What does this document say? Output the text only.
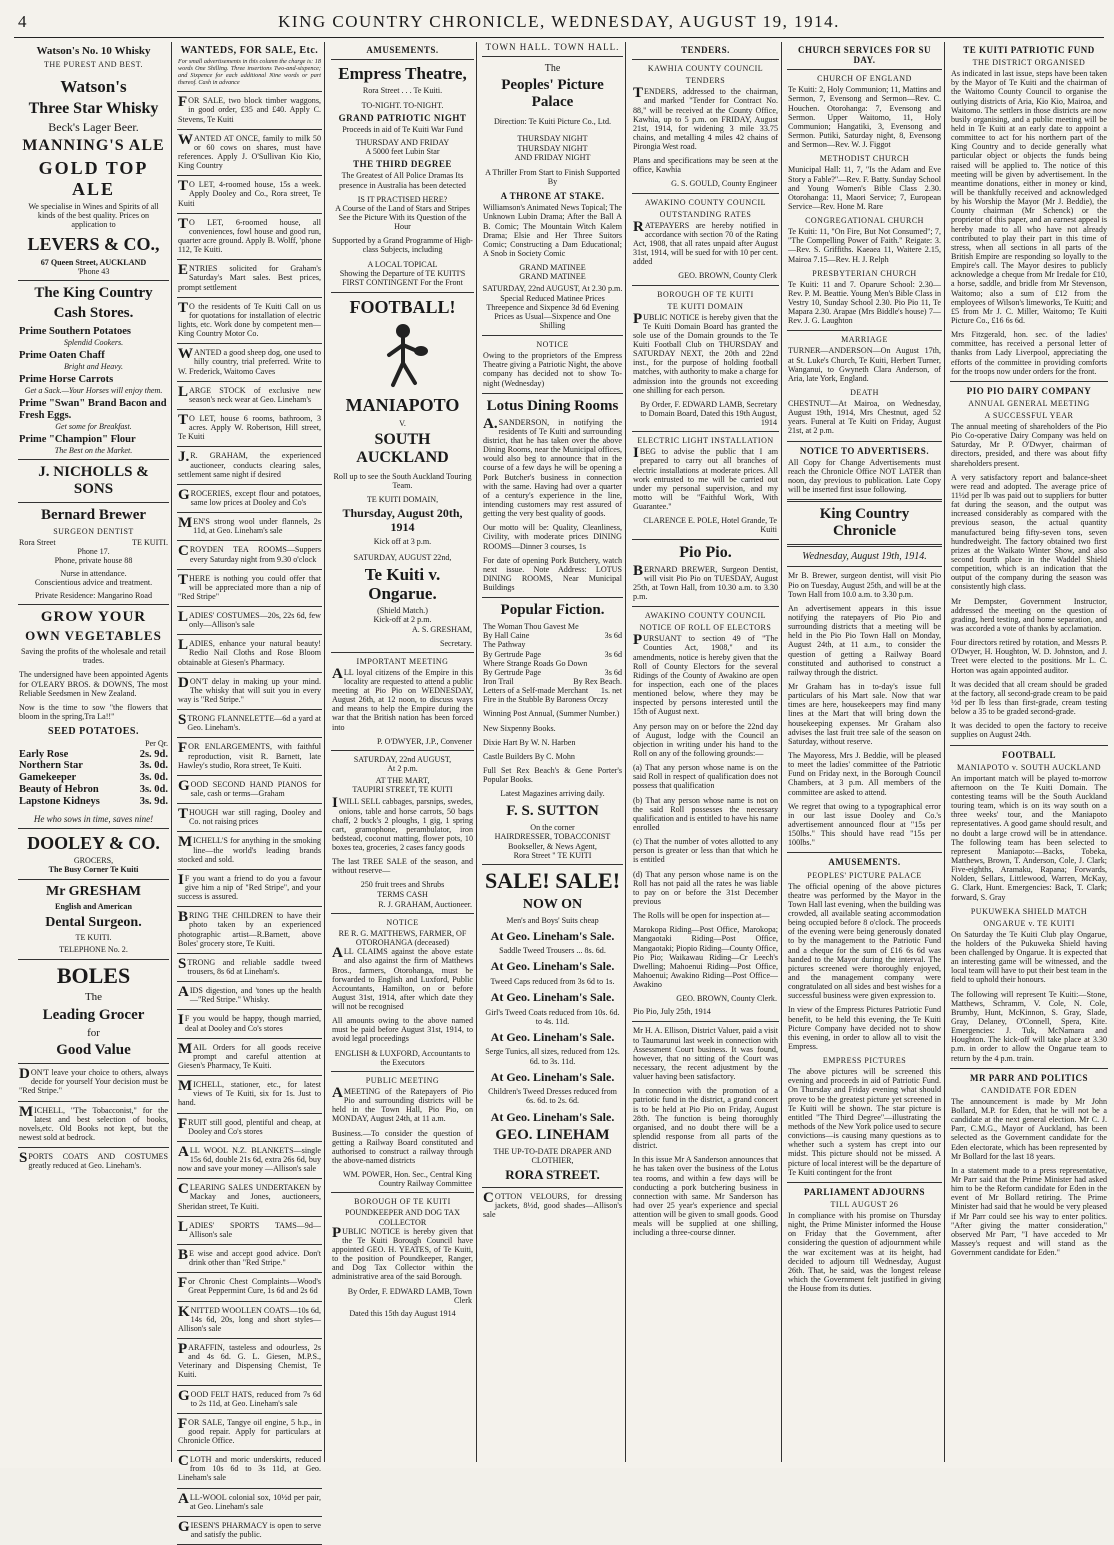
4	KING COUNTRY CHRONICLE, WEDNESDAY, AUGUST 19, 1914.
Watson's No. 10 Whisky
THE PUREST AND BEST.
Watson's
Three Star Whisky
Beck's Lager Beer.
MANNING'S ALE
GOLD TOP ALE
We specialise in Wines and Spirits of all kinds of the best quality. Prices on application to
LEVERS & CO.,
67 Queen Street, AUCKLAND
'Phone 43
The King Country
Cash Stores.
Prime Southern Potatoes
Splendid Cookers.
Prime Oaten Chaff
Bright and Heavy.
Prime Horse Carrots
Get a Sack.—Your Horses will enjoy them.
Prime "Swan" Brand Bacon and Fresh Eggs.
Get some for Breakfast.
Prime "Champion" Flour
The Best on the Market.
J. NICHOLLS & SONS
Bernard Brewer
SURGEON DENTIST
Rora Street	TE KUITI.
Phone 17.
Phone, private house 88
Nurse in attendance.
Conscientious advice and treatment.
Private Residence: Mangarino Road
GROW YOUR
OWN VEGETABLES
Saving the profits of the wholesale and retail trades.
The undersigned have been appointed Agents for O'LEARY BROS. & DOWNS, The most Reliable Seedsmen in New Zealand.
Now is the time to sow "the flowers that bloom in the spring,Tra La!!"
SEED POTATOES.
Per Qr.
Early Rose	2s. 9d.
Northern Star	3s. 0d.
Gamekeeper	3s. 0d.
Beauty of Hebron	3s. 0d.
Lapstone Kidneys	3s. 9d.
He who sows in time, saves nine!
DOOLEY & CO.
GROCERS,
The Busy Corner Te Kuiti
Mr GRESHAM
English and American
Dental Surgeon.
TE KUITI.
TELEPHONE No. 2.
BOLES
The
Leading Grocer
for
Good Value
DON'T leave your choice to others, always decide for yourself Your decision must be "Red Stripe."
MICHELL, "The Tobacconist," for the latest and best selection of books, novels,etc. Old Books not kept, but the newest sold at bedrock.
SPORTS COATS AND COSTUMES greatly reduced at Geo. Lineham's.
WANTEDS, FOR SALE, Etc.
For small advertisements in this column the charge is: 18 words One Shilling. Three insertions Two-and-sixpence; and Sixpence for each additional Nine words or part thereof. Cash in advance
FOR SALE, two block timber waggons, in good order, £35 and £40. Apply C. Stevens, Te Kuiti
WANTED AT ONCE, family to milk 50 or 60 cows on shares, must have references. Apply J. O'Sullivan Kio Kio, King Country
TO LET, 4-roomed house, 15s a week. Apply Dooley and Co., Rora street, Te Kuiti
TO LET, 6-roomed house, all conveniences, fowl house and good run, quarter acre ground. Apply B. Wolff, 'phone 112, Te Kuiti.
ENTRIES solicited for Graham's Saturday's Mart sales. Best prices, prompt settlement
TO the residents of Te Kuiti Call on us for quotations for installation of electric lights, etc. Work done by competent men—King Country Motor Co.
WANTED a good sheep dog, one used to hilly country, trial preferred. Write to W. Frederick, Waitomo Caves
LARGE STOCK of exclusive new season's neck wear at Geo. Lineham's
TO LET, house 6 rooms, bathroom, 3 acres. Apply W. Robertson, Hill street, Te Kuiti
J.R. GRAHAM, the experienced auctioneer, conducts clearing sales, settlement same night if desired
GROCERIES, except flour and potatoes, same low prices at Dooley and Co's
MEN'S strong wool under flannels, 2s 11d, at Geo. Lineham's sale
CROYDEN TEA ROOMS—Suppers every Saturday night from 9.30 o'clock
THERE is nothing you could offer that will be appreciated more than a nip of "Red Stripe"
LADIES' COSTUMES—20s, 22s 6d, few only—Allison's sale
LADIES, enhance your natural beauty! Redio Nail Cloths and Rose Bloom obtainable at Giesen's Pharmacy.
DON'T delay in making up your mind. The whisky that will suit you in every way is "Red Stripe."
STRONG FLANNELETTE—6d a yard at Geo. Lineham's.
FOR ENLARGEMENTS, with faithful reproduction, visit R. Barnett, late Hawley's studio, Rora street, Te Kuiti.
GOOD SECOND HAND PIANOS for sale, cash or terms—Graham
THOUGH war still raging, Dooley and Co. not raising prices
MICHELL'S for anything in the smoking line—the world's leading brands stocked and sold.
IF you want a friend to do you a favour give him a nip of "Red Stripe", and your success is assured.
BRING THE CHILDREN to have their photo taken by an experienced photographic artist—R.Barnett, above Boles' grocery store, Te Kuiti.
STRONG and reliable saddle tweed trousers, 8s 6d at Lineham's.
AIDS digestion, and 'tones up the health—"Red Stripe." Whisky.
IF you would be happy, though married, deal at Dooley and Co's stores
MAIL Orders for all goods receive prompt and careful attention at Giesen's Pharmacy, Te Kuiti.
MICHELL, stationer, etc., for latest views of Te Kuiti, six for 1s. Just to hand.
FRUIT still good, plentiful and cheap, at Dooley and Co's stores
ALL WOOL N.Z. BLANKETS—single 15s 6d, double 21s 6d, extra 26s 6d, buy now and save your money —Allison's sale
CLEARING SALES UNDERTAKEN by Mackay and Jones, auctioneers, Sheridan street, Te Kuiti.
LADIES' SPORTS TAMS—9d—Allison's sale
BE wise and accept good advice. Don't drink other than "Red Stripe."
For Chronic Chest Complaints—Wood's Great Peppermint Cure, 1s 6d and 2s 6d
KNITTED WOOLLEN COATS—10s 6d, 14s 6d, 20s, long and short styles—Allison's sale
PARAFFIN, tasteless and odourless, 2s and 4s 6d. G. L. Giesen, M.P.S., Veterinary and Dispensing Chemist, Te Kuiti.
GOOD FELT HATS, reduced from 7s 6d to 2s 11d, at Geo. Lineham's sale
FOR SALE, Tangye oil engine, 5 h.p., in good repair. Apply for particulars at Chronicle Office.
CLOTH and moric underskirts, reduced from 10s 6d to 3s 11d, at Geo. Lineham's sale
ALL-WOOL colonial sox, 10½d per pair, at Geo. Lineham's sale
GIESEN'S PHARMACY is open to serve and satisfy the public.
AMUSEMENTS.
Empress Theatre,
Rora Street . . . Te Kuiti.
TO-NIGHT. TO-NIGHT.
GRAND PATRIOTIC NIGHT
Proceeds in aid of Te Kuiti War Fund
THURSDAY AND FRIDAY
A 5000 feet Lubin Star
THE THIRD DEGREE
The Greatest of All Police Dramas Its presence in Australia has been detected
IS IT PRACTISED HERE?
A Course of the Land of Stars and Stripes See the Picture With its Question of the Hour
Supported by a Grand Programme of High-class Subjects, including
A LOCAL TOPICAL
Showing the Departure of TE KUITI'S FIRST CONTINGENT For the Front
FOOTBALL!
MANIAPOTO
V.
SOUTH AUCKLAND
Roll up to see the South Auckland Touring Team.
TE KUITI DOMAIN,
Thursday, August 20th, 1914
Kick off at 3 p.m.
SATURDAY, AUGUST 22nd,
Te Kuiti v. Ongarue.
(Shield Match.)
Kick-off at 2 p.m.
A. S. GRESHAM,
Secretary.
IMPORTANT MEETING
ALL loyal citizens of the Empire in this locality are requested to attend a public meeting at Pio Pio on WEDNESDAY, August 26th, at 12 noon, to discuss ways and means to help the Empire during the war that the British nation has been forced into
P. O'DWYER, J.P., Convener
SATURDAY, 22nd AUGUST,
At 2 p.m.
AT THE MART,
TAUPIRI STREET, TE KUITI
IWILL SELL cabbages, parsnips, swedes, onions, table and horse carrots, 50 bags chaff, 2 buck's 2 ploughs, 1 gig, 1 spring cart, gramophone, perambulator, iron bedstead, coconut matting, flower pots, 10 boxes tea, groceries, 2 cases fancy goods
The last TREE SALE of the season, and without reserve—
250 fruit trees and Shrubs
TERMS CASH
R. J. GRAHAM, Auctioneer.
NOTICE
RE R. G. MATTHEWS, FARMER, OF OTOROHANGA (deceased)
ALL CLAIMS against the above estate and also against the firm of Matthews Bros., farmers, Otorohanga, must be forwarded to English and Luxford, Public Accountants, Hamilton, on or before August 31st, 1914, after which date they will not be recognised
All amounts owing to the above named must be paid before August 31st, 1914, to avoid legal proceedings
ENGLISH & LUXFORD, Accountants to the Executors
PUBLIC MEETING
AMEETING of the Ratepayers of Pio Pio and surrounding districts will be held in the Town Hall, Pio Pio, on MONDAY, August 24th, at 11 a.m.
Business.—To consider the question of getting a Railway Board constituted and authorised to construct a railway through the above-named districts
WM. POWER, Hon. Sec., Central King Country Railway Committee
BOROUGH OF TE KUITI
POUNDKEEPER AND DOG TAX COLLECTOR
PUBLIC NOTICE is hereby given that the Te Kuiti Borough Council have appointed GEO. H. YEATES, of Te Kuiti, to the position of Poundkeeper, Ranger, and Dog Tax Collector within the administrative area of the said Borough.
By Order, F. EDWARD LAMB, Town Clerk
Dated this 15th day August 1914
TOWN HALL. TOWN HALL.
The
Peoples' Picture Palace
Direction: Te Kuiti Picture Co., Ltd.
THURSDAY NIGHT
THURSDAY NIGHT
AND FRIDAY NIGHT
A Thriller From Start to Finish Supported By
A THRONE AT STAKE.
Williamson's Animated News Topical; The Unknown Lubin Drama; After the Ball A B. Comic; The Mountain Witch Kalem Drama; Elsie and Her Three Suitors Comic; Constructing a Dam Educational; A Snob in Society Comic
GRAND MATINEE
GRAND MATINEE
SATURDAY, 22nd AUGUST, At 2.30 p.m.
Special Reduced Matinee Prices Threepence and Sixpence 3d 6d Evening Prices as Usual—Sixpence and One Shilling
NOTICE
Owing to the proprietors of the Empress Theatre giving a Patriotic Night, the above company has decided not to show To-night (Wednesday)
Lotus Dining Rooms
A.SANDERSON, in notifying the residents of Te Kuiti and surrounding district, that he has taken over the above Dining Rooms, near the Municipal offices, would also beg to announce that in the course of a few days he will be opening a Pork Butcher's business in connection with the same. Having had over a quarter of a century's experience in the line, intending customers may rest assured of getting the very best quality of goods.
Our motto will be: Quality, Cleanliness, Civility, with moderate prices DINING ROOMS—Dinner 3 courses, 1s
For date of opening Pork Butchery, watch next issue. Note Address: LOTUS DINING ROOMS, Near Municipal Buildings
Popular Fiction.
The Woman Thou Gavest Me
By Hall Caine	3s 6d
The Pathway
By Gertrude Page	3s 6d
Where Strange Roads Go Down
By Gertrude Page	3s 6d
Iron Trail	By Rex Beach.
Letters of a Self-made Merchant 1s. net
Fire in the Stubble By Baroness Orczy
Winning Post Annual, (Summer Number.)
New Sixpenny Books.
Dixie Hart By W. N. Harben
Castle Builders By C. Mohn
Full Set Rex Beach's & Gene Porter's Popular Books.
Latest Magazines arriving daily.
F. S. SUTTON
On the corner
HAIRDRESSER, TOBACCONIST
Bookseller, & News Agent,
Rora Street " TE KUITI
SALE! SALE!
NOW ON
Men's and Boys' Suits cheap
At Geo. Lineham's Sale.
Saddle Tweed Trousers ... 8s. 6d.
At Geo. Lineham's Sale.
Tweed Caps reduced from 3s 6d to 1s.
At Geo. Lineham's Sale.
Girl's Tweed Coats reduced from 10s. 6d. to 4s. 11d.
At Geo. Lineham's Sale.
Serge Tunics, all sizes, reduced from 12s. 6d. to 3s. 11d.
At Geo. Lineham's Sale.
Children's Tweed Dresses reduced from 6s. 6d. to 2s. 6d.
At Geo. Lineham's Sale.
GEO. LINEHAM
THE UP-TO-DATE DRAPER AND CLOTHIER,
RORA STREET.
COTTON VELOURS, for dressing jackets, 8½d, good shades—Allison's sale
TENDERS.
KAWHIA COUNTY COUNCIL
TENDERS
TENDERS, addressed to the chairman, and marked "Tender for Contract No. 88," will be received at the County Office, Kawhia, up to 5 p.m. on FRIDAY, August 21st, 1914, for widening 3 mile 33.75 chains, and metalling 4 miles 42 chains of Pirongia West road.
Plans and specifications may be seen at the office, Kawhia
G. S. GOULD, County Engineer
AWAKINO COUNTY COUNCIL
OUTSTANDING RATES
RATEPAYERS are hereby notified in accordance with section 70 of the Rating Act, 1908, that all rates unpaid after August 31st, 1914, will be sued for with 10 per cent. added
GEO. BROWN, County Clerk
BOROUGH OF TE KUITI
TE KUITI DOMAIN
PUBLIC NOTICE is hereby given that the Te Kuiti Domain Board has granted the sole use of the Domain grounds to the Te Kuiti Football Club on THURSDAY and SATURDAY NEXT, the 20th and 22nd inst., for the purpose of holding football matches, with authority to make a charge for admission into the grounds not exceeding one shilling for each person.
By Order, F. EDWARD LAMB, Secretary to Domain Board, Dated this 19th August, 1914
ELECTRIC LIGHT INSTALLATION
IBEG to advise the public that I am prepared to carry out all branches of electric installations at moderate prices. All work entrusted to me will be carried out under my personal supervision, and my motto will be "Faithful Work, With Guarantee."
CLARENCE E. POLE, Hotel Grande, Te Kuiti
Pio Pio.
BERNARD BREWER, Surgeon Dentist, will visit Pio Pio on TUESDAY, August 25th, at Town Hall, from 10.30 a.m. to 3.30 p.m.
AWAKINO COUNTY COUNCIL
NOTICE OF ROLL OF ELECTORS
PURSUANT to section 49 of "The Counties Act, 1908," and its amendments, notice is hereby given that the Roll of County Electors for the several Ridings of the County of Awakino are open for inspection, each one of the places mentioned below, where they may be inspected by persons interested until the 15th of August next.
Any person may on or before the 22nd day of August, lodge with the Council an objection in writing under his hand to the Roll on any of the following grounds:—
(a) That any person whose name is on the said Roll in respect of qualification does not possess that qualification
(b) That any person whose name is not on the said Roll possesses the necessary qualification and is entitled to have his name enrolled
(c) That the number of votes allotted to any person is greater or less than that which he is entitled
(d) That any person whose name is on the Roll has not paid all the rates he was liable to pay on or before the 31st December previous
The Rolls will be open for inspection at—
Marokopa Riding—Post Office, Marokopa; Mangaotaki Riding—Post Office, Mangaotaki; Piopio Riding—County Office, Pio Pio; Waikawau Riding—Cr Leech's Dwelling; Mahoenui Riding—Post Office, Mahoenui; Awakino Riding—Post Office—Awakino
GEO. BROWN, County Clerk.
Pio Pio, July 25th, 1914
Mr H. A. Ellison, District Valuer, paid a visit to Taumarunui last week in connection with Assessment Court business. It was found, however, that no sitting of the Court was necessary, the recent adjustment by the valuer having been satisfactory.
In connection with the promotion of a patriotic fund in the district, a grand concert is to be held at Pio Pio on Friday, August 28th. The function is being thoroughly organised, and no doubt there will be a splendid response from all parts of the district.
In this issue Mr A Sanderson announces that he has taken over the business of the Lotus tea rooms, and within a few days will be conducting a pork butchering business in connection with same. Mr Sanderson has had over 25 year's experience and special attention will be given to small goods. Good meals will be supplied at one shilling, including a three-course dinner.
CHURCH SERVICES FOR SU DAY.
CHURCH OF ENGLAND
Te Kuiti: 2, Holy Communion; 11, Mattins and Sermon, 7, Evensong and Sermon—Rev. C. Houchen. Otorohanga: 7, Evensong and Sermon. Upper Waitomo, 11, Holy Communion; Hangatiki, 3, Evensong and Sermon. Putiki, Saturday night, 8, Evensong and Sermon—Rev. W. J. Figgot
METHODIST CHURCH
Municipal Hall: 11, 7, "Is the Adam and Eve Story a Fable?"—Rev. F. Batty. Sunday School and Young Women's Bible Class 2.30. Otorohanga: 11, Maori Service; 7, European Service—Rev. Hone M. Rare
CONGREGATIONAL CHURCH
Te Kuiti: 11, "On Fire, But Not Consumed"; 7, "The Compelling Power of Faith." Reigate: 3.—Rev. S. Griffiths. Kaeaea 11, Waitere 2.15, Mairoa 7.15—Rev. H. J. Relph
PRESBYTERIAN CHURCH
Te Kuiti: 11 and 7. Oparure School: 2.30—Rev. P. M. Beattie. Young Men's Bible Class in Vestry 10, Sunday School 2.30. Pio Pio 11, Te Mapara 2.30. Arapae (Mrs Biddle's house) 7—Rev. J. G. Laughton
MARRIAGE
TURNER—ANDERSON—On August 17th, at St. Luke's Church, Te Kuiti, Herbert Turner, Wanganui, to Gwyneth Clara Anderson, of Aria, late York, England.
DEATH
CHESTNUT—At Mairoa, on Wednesday, August 19th, 1914, Mrs Chestnut, aged 52 years. Funeral at Te Kuiti on Friday, August 21st, at 2 p.m.
NOTICE TO ADVERTISERS.
All Copy for Change Advertisements must reach the Chronicle Office NOT LATER than noon, day previous to publication. Late Copy will be inserted first issue following.
King Country Chronicle
Wednesday, August 19th, 1914.
Mr B. Brewer, surgeon dentist, will visit Pio Pio on Tuesday, August 25th, and will be at the Town Hall from 10.0 a.m. to 3.30 p.m.
An advertisement appears in this issue notifying the ratepayers of Pio Pio and surrounding districts that a meeting will be held in the Pio Pio Town Hall on Monday, August 24th, at 11 a.m., to consider the question of getting a Railway Board constituted and authorised to construct a railway through the district.
Mr Graham has in to-day's issue full particulars of his Mart sale. Now that war times are here, housekeepers may find many lines at the Mart that will bring down the housekeeping expenses. Mr Graham also advises the last fruit tree sale of the season on Saturday, without reserve.
The Mayoress, Mrs J. Beddie, will be pleased to meet the ladies' committee of the Patriotic Fund on Friday next, in the Borough Council Chambers, at 3 p.m. All members of the committee are asked to attend.
We regret that owing to a typographical error in our last issue Dooley and Co.'s advertisement announced flour at "15s per 150lbs." This should have read "15s per 100lbs."
AMUSEMENTS.
PEOPLES' PICTURE PALACE
The official opening of the above pictures theatre was performed by the Mayor in the Town Hall last evening, when the building was crowded, all available seating accommodation being occupied before 8 o'clock. The proceeds of the evening were being generously donated to by the management to the Patriotic Fund and a cheque for the sum of £16 6s 6d was handed to the Mayor during the interval. The pictures screened were thoroughly enjoyed, and the management company were congratulated on all sides and best wishes for a successful business were given expression to.
In view of the Empress Pictures Patriotic Fund benefit, to be held this evening, the Te Kuiti Picture Company have decided not to show this evening, in order to allow all to visit the Empress.
EMPRESS PICTURES
The above pictures will be screened this evening and proceeds in aid of Patriotic Fund. On Thursday and Friday evening what should prove to be the greatest picture yet screened in Te Kuiti will be shown. The star picture is entitled "The Third Degree"—illustrating the methods of the New York police used to secure convictions—is causing many questions as to whether such a system has crept into our midst. This picture should not be missed. A picture of local interest will be the departure of Te Kuiti contingent for the front
PARLIAMENT ADJOURNS
TILL AUGUST 26
In compliance with his promise on Thursday night, the Prime Minister informed the House on Friday that the Government, after considering the question of adjournment while the war excitement was at its height, had decided to adjourn till Wednesday, August 26th. That, he said, was the longest release which the Government felt justified in giving the House from its duties.
TE KUITI PATRIOTIC FUND
THE DISTRICT ORGANISED
As indicated in last issue, steps have been taken by the Mayor of Te Kuiti and the chairman of the Waitomo County Council to organise the outlying districts of Aria, Kio Kio, Mairoa, and Waitomo. The settlers in those districts are now busily organising, and a public meeting will be held in Te Kuiti at an early date to appoint a committee to act for his northern part of the King Country and to decide generally what particular object or objects the funds being raised will be applied to. The notice of this meeting will be given by advertisement. In the meantime donations, either in money or kind, will be thankfully received and acknowledged by his Worship the Mayor (Mr J. Beddie), the County chairman (Mr Schenck) or the proprietor of this paper, and an earnest appeal is hereby made to all who have not already contributed to play their part in this time of stress, when all sections in all parts of the British Empire are responding so loyally to the Empire's call. The Mayor desires to publicly acknowledge a cheque from Mr Iredale for £10, a horse, saddle, and bridle from Mr Stevenson, Waitomo; also a sum of £12 from the employees of Wilson's limeworks, Te Kuiti; and £5 from Mr J. C. Miller, Waitomo; Te Kuiti Picture Co., £16 6s 6d.
Mrs Fitzgerald, hon. sec. of the ladies' committee, has received a personal letter of thanks from Lady Liverpool, appreciating the efforts of the committee in providing comforts for the troops now under orders for the front.
PIO PIO DAIRY COMPANY
ANNUAL GENERAL MEETING
A SUCCESSFUL YEAR
The annual meeting of shareholders of the Pio Pio Co-operative Dairy Company was held on Saturday, Mr P. O'Dwyer, chairman of directors, presided, and there was about fifty shareholders present.
A very satisfactory report and balance-sheet were read and adopted. The average price of 11½d per lb was paid out to suppliers for butter fat during the season, and the output was increased considerably as compared with the previous season, the actual quantity manufactured being fifty-seven tons, seven hundredweight. The factory obtained two first prizes at the Waikato Winter Show, and also second fourth place in the Waddel Shield competition, which is an indication that the output of the company during the season was consistently high class.
Mr Dempster, Government Instructor, addressed the meeting on the question of grading, herd testing, and home separation, and was accorded a vote of thanks by acclamation.
Four directors retired by rotation, and Messrs P. O'Dwyer, H. Houghton, W. D. Johnston, and J. Treet were elected to the positions. Mr L. C. Horton was again appointed auditor.
It was decided that all cream should be graded at the factory, all second-grade cream to be paid ½d per lb less than first-grade, cream testing below a 35 to be graded second-grade.
It was decided to open the factory to receive supplies on August 24th.
FOOTBALL
MANIAPOTO v. SOUTH AUCKLAND
An important match will be played to-morrow afternoon on the Te Kuiti Domain. The contesting teams will be the South Auckland touring team, which is on its way south on a three weeks' tour, and the Maniapoto representatives. A good game should result, and no doubt a large crowd will be in attendance. The following team has been selected to represent Maniapoto:—Backs, Tobeka, Matthews, Brown, T. Anderson, Cole, J. Clark; Five-eighths, Aramaku, Rapana; Forwards, Nolden, Sellars, Littlewood, Warren, McKay, G. Clark, Hunt. Emergencies: Back, T. Clark; forward, S. Gray
PUKUWEKA SHIELD MATCH
ONGARUE v. TE KUITI
On Saturday the Te Kuiti Club play Ongarue, the holders of the Pukuweka Shield having been challenged by Ongarue. It is expected that an interesting game will be witnessed, and the local team will have to put their best team in the field to uphold their honours.
The following will represent Te Kuiti:—Stone, Matthews, Schramm, V. Cole, N. Cole, Brumby, Hunt, McKinnon, S. Gray, Slade, Gray, Delaney, O'Connell, Spera, Kite. Emergencies: J. Tuk, McNamara and Houghton. The kick-off will take place at 3.30 p.m. in order to allow the Ongarue team to return by the 4 p.m. train.
MR PARR AND POLITICS
CANDIDATE FOR EDEN
The announcement is made by Mr John Bollard, M.P. for Eden, that he will not be a candidate at the next general election. Mr C. J. Parr, C.M.G., Mayor of Auckland, has been selected as the Government candidate for the Eden electorate, which has been represented by Mr Bollard for the last 18 years.
In a statement made to a press representative, Mr Parr said that the Prime Minister had asked him to be the Reform candidate for Eden in the event of Mr Bollard retiring. The Prime Minister had said that he would be very pleased if Mr Parr could see his way to enter politics. "After giving the matter consideration," observed Mr Parr, "I have acceded to Mr Massey's request and will stand as the Government candidate for Eden."
